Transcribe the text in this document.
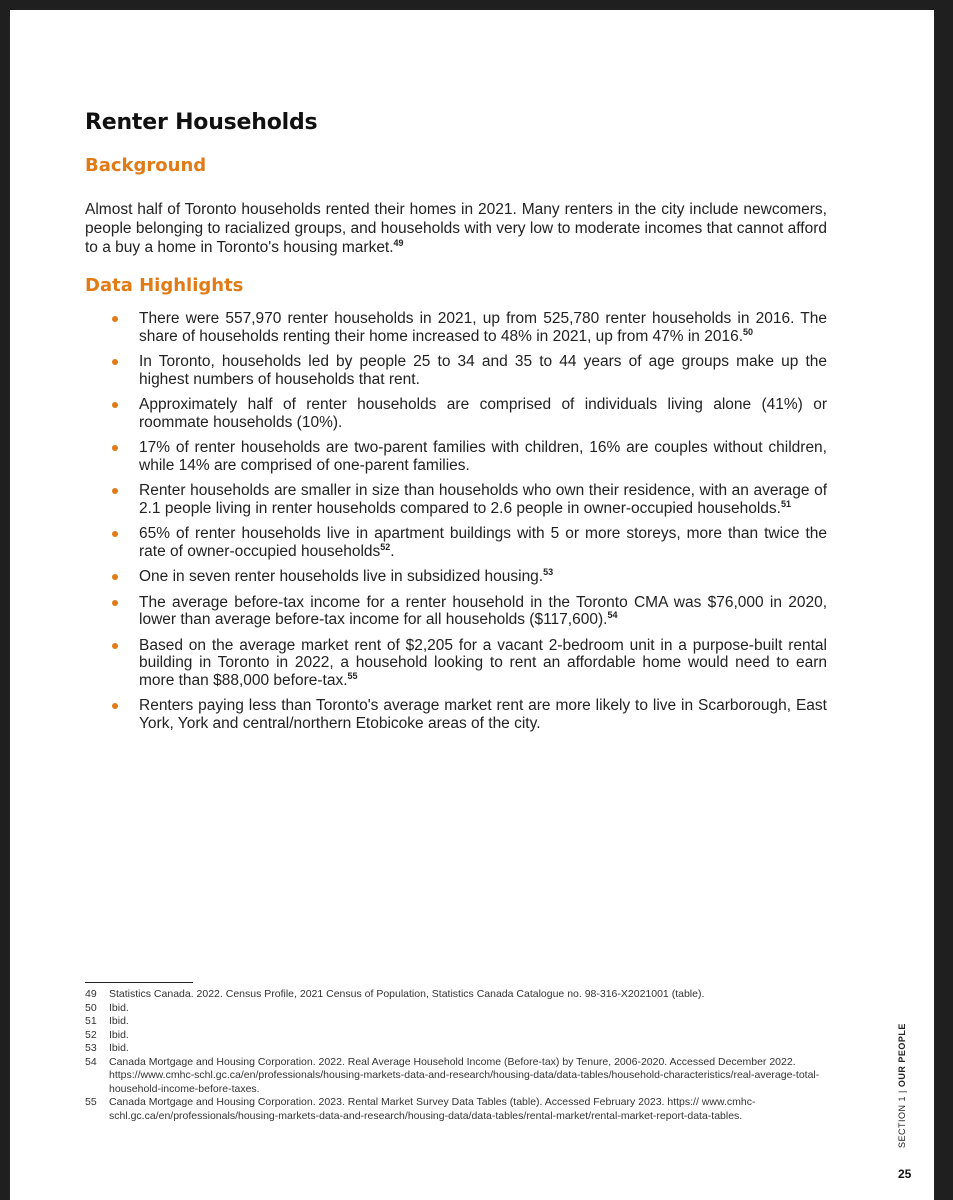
Renter Households
Background

Almost half of Toronto households rented their homes in 2021. Many renters in the city include newcomers, people belonging to racialized groups, and households with very low to moderate incomes that cannot afford to a buy a home in Toronto's housing market.$^{49}$

Data Highlights
There were 557,970 renter households in 2021, up from 525,780 renter households in 2016. The share of households renting their home increased to 48% in 2021, up from 47% in 2016.50
In Toronto, households led by people 25 to 34 and 35 to 44 years of age groups make up the highest numbers of households that rent.
Approximately half of renter households are comprised of individuals living alone (41%) or roommate households (10%).
17% of renter households are two-parent families with children, 16% are couples without children, while 14% are comprised of one-parent families.
Renter households are smaller in size than households who own their residence, with an average of 2.1 people living in renter households compared to 2.6 people in owner-occupied households.$^{51}$
65% of renter households live in apartment buildings with 5 or more storeys, more than twice the rate of owner-occupied households$^{52}$.
One in seven renter households live in subsidized housing.$^{53}$
The average before-tax income for a renter household in the Toronto CMA was $76,000 in 2020, lower than average before-tax income for all households ($117,600).$^{54}$
Based on the average market rent of $2,205 for a vacant 2-bedroom unit in a purpose-built rental building in Toronto in 2022, a household looking to rent an affordable home would need to earn more than $88,000 before-tax.$^{55}$
Renters paying less than Toronto's average market rent are more likely to live in Scarborough, East York, York and central/northern Etobicoke areas of the city.
49	Statistics Canada. 2022. Census Profile, 2021 Census of Population, Statistics Canada Catalogue no. 98-316-X2021001 (table).
50	Ibid.
51	Ibid.
52	Ibid.
53	Ibid.
54	Canada Mortgage and Housing Corporation. 2022. Real Average Household Income (Before-tax) by Tenure, 2006-2020. Accessed December 2022. https://www.cmhc-schl.gc.ca/en/professionals/housing-markets-data-and-research/housing-data/data-tables/household-characteristics/real-average-total-household-income-before-taxes.
55	Canada Mortgage and Housing Corporation. 2023. Rental Market Survey Data Tables (table). Accessed February 2023. https:// www.cmhc-schl.gc.ca/en/professionals/housing-markets-data-and-research/housing-data/data-tables/rental-market/rental-market-report-data-tables.	SECTION 1 | OUR PEOPLE
25
